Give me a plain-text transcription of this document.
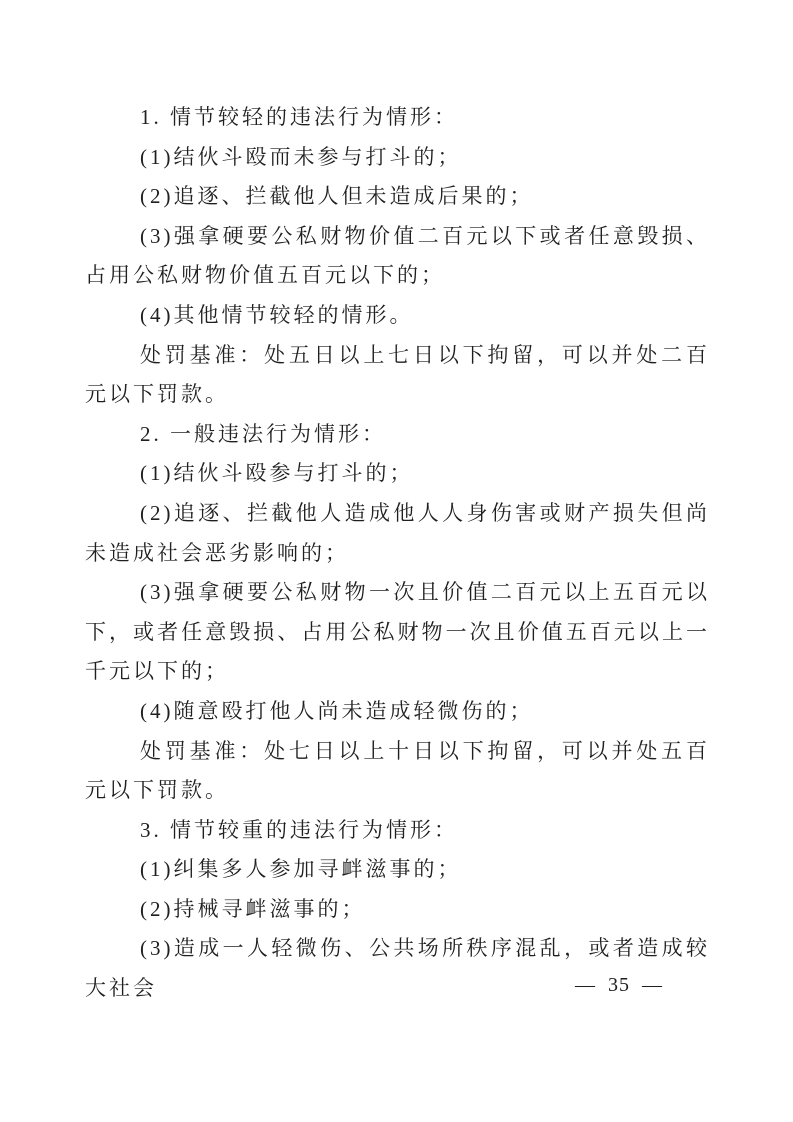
1. 情节较轻的违法行为情形：

(1)结伙斗殴而未参与打斗的；

(2)追逐、拦截他人但未造成后果的；

(3)强拿硬要公私财物价值二百元以下或者任意毁损、占用公私财物价值五百元以下的；

(4)其他情节较轻的情形。

处罚基准：处五日以上七日以下拘留，可以并处二百元以下罚款。

2. 一般违法行为情形：

(1)结伙斗殴参与打斗的；

(2)追逐、拦截他人造成他人人身伤害或财产损失但尚未造成社会恶劣影响的；

(3)强拿硬要公私财物一次且价值二百元以上五百元以下，或者任意毁损、占用公私财物一次且价值五百元以上一千元以下的；

(4)随意殴打他人尚未造成轻微伤的；

处罚基准：处七日以上十日以下拘留，可以并处五百元以下罚款。

3. 情节较重的违法行为情形：

(1)纠集多人参加寻衅滋事的；

(2)持械寻衅滋事的；

(3)造成一人轻微伤、公共场所秩序混乱，或者造成较大社会	— 35 —
